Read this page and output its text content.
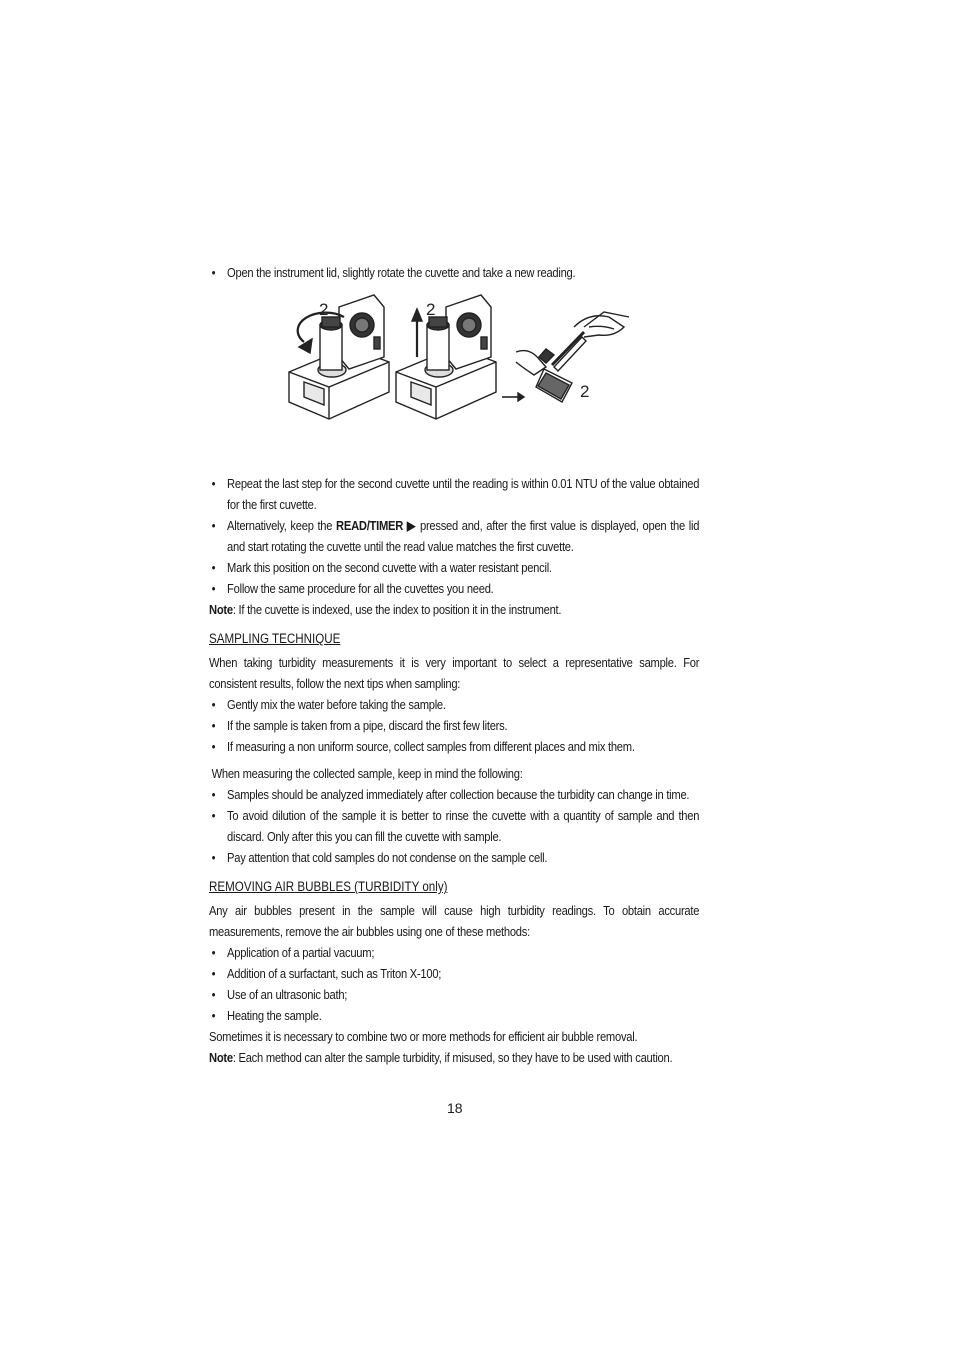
• Open the instrument lid, slightly rotate the cuvette and take a new reading.
2	2
2
• Repeat the last step for the second cuvette until the reading is within 0.01 NTU of the value obtained for the first cuvette.
• Alternatively, keep the READ/TIMER ▶ pressed and, after the first value is displayed, open the lid and start rotating the cuvette until the read value matches the first cuvette.
• Mark this position on the second cuvette with a water resistant pencil.
• Follow the same procedure for all the cuvettes you need.
Note: If the cuvette is indexed, use the index to position it in the instrument.
SAMPLING TECHNIQUE
When taking turbidity measurements it is very important to select a representative sample. For consistent results, follow the next tips when sampling:
• Gently mix the water before taking the sample.
• If the sample is taken from a pipe, discard the first few liters.
• If measuring a non uniform source, collect samples from different places and mix them.
When measuring the collected sample, keep in mind the following:
• Samples should be analyzed immediately after collection because the turbidity can change in time.
• To avoid dilution of the sample it is better to rinse the cuvette with a quantity of sample and then discard. Only after this you can fill the cuvette with sample.
• Pay attention that cold samples do not condense on the sample cell.
REMOVING AIR BUBBLES (TURBIDITY only)
Any air bubbles present in the sample will cause high turbidity readings. To obtain accurate measurements, remove the air bubbles using one of these methods:
• Application of a partial vacuum;
• Addition of a surfactant, such as Triton X-100;
• Use of an ultrasonic bath;
• Heating the sample.
Sometimes it is necessary to combine two or more methods for efficient air bubble removal.
Note: Each method can alter the sample turbidity, if misused, so they have to be used with caution.
18
